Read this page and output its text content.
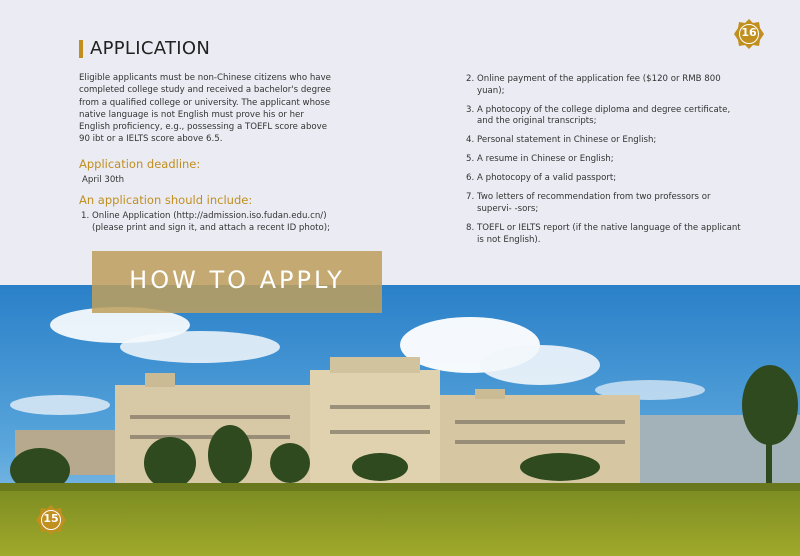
APPLICATION
Eligible applicants must be non-Chinese citizens who have completed college study and received a bachelor's degree from a qualified college or university. The applicant whose native language is not English must prove his or her English proficiency, e.g., possessing a TOEFL score above 90 ibt or a IELTS score above 6.5.
Application deadline:
April 30th
An application should include:
1. Online Application (http://admission.iso.fudan.edu.cn/) (please print and sign it, and attach a recent ID photo);
2. Online payment of the application fee ($120 or RMB 800 yuan);
3. A photocopy of the college diploma and degree certificate, and the original transcripts;
4. Personal statement in Chinese or English;
5. A resume in Chinese or English;
6. A photocopy of a valid passport;
7. Two letters of recommendation from two professors or supervi- -sors;
8. TOEFL or IELTS report (if the native language of the applicant is not English).
16
15
HOW TO APPLY
